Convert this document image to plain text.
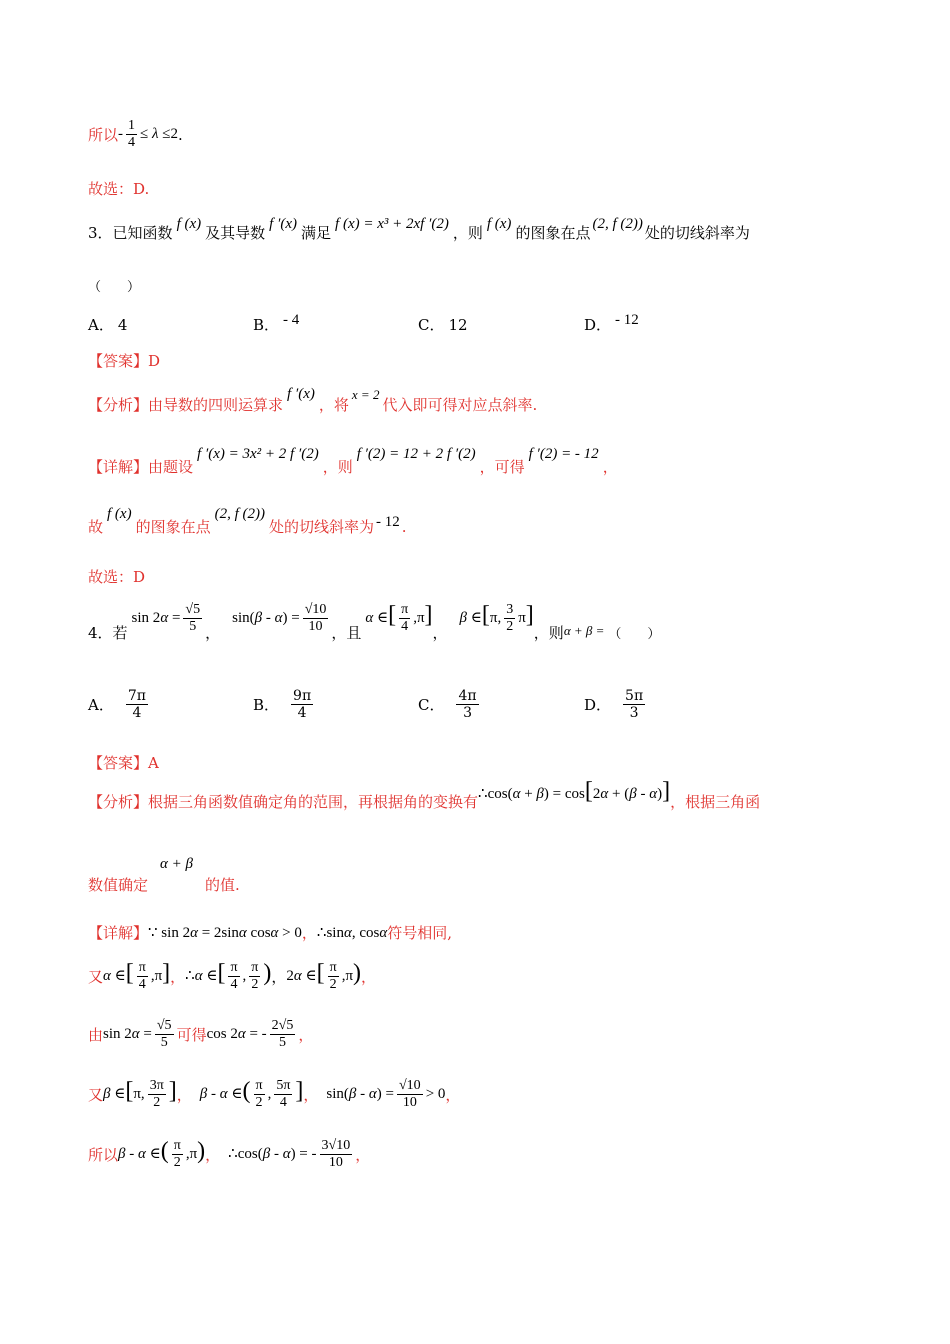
所以 - $\frac{1}{4} \le \lambda \le 2$ .
故选：D.
3． 已知函数 f (x) 及其导数 f ′(x) 满足 f (x) = x³ + 2xf ′(2) ，则 f (x) 的图象在点 (2, f (2)) 处的切线斜率为
（　　）
A． 4	B． - 4	C． 12	D． - 12
【答案】 D
【分析】 由导数的四则运算求
f ′(x)
，将
x = 2
代入即可得对应点斜率.
【详解】 由题设
f ′(x) = 3x² + 2 f ′(2)
，则
f ′(2) = 12 + 2 f ′(2)
，可得
f ′(2) = - 12
，
故
f (x)
的图象在点
(2, f (2))
处的切线斜率为 - 12 .
故选：D
4．若
$\sin 2\alpha = \frac{√5}{5}$ ，
$\sin(\beta - \alpha) = \frac{√10}{10}$ ，且
α ∈[ $\frac{\pi}{4} ,\pi$]
，
β ∈[π, $\frac{3}{2} \pi$]
，则 α + β = （　　）
A． $\frac{7\pi}{4}$	B． $\frac{9\pi}{4}$	C． $\frac{4\pi}{3}$	D． $\frac{5\pi}{3}$
【答案】 A
【分析】 根据三角函数值确定角的范围，再根据角的变换有 ∴cos(α + β) = cos[2α + (β - α)] ，根据三角函
数值确定
α + β
的值.
【详解】 ∵ sin 2α = 2sinα cosα > 0 ， ∴sinα, cosα 符号相同,
又 α ∈[ $\frac{\pi}{4} ,\pi$] ， ∴α ∈[ $\frac{\pi}{4}$ , $\frac{\pi}{2}$ ) ， 2α ∈[ $\frac{\pi}{2} ,\pi$) ，
由 $\sin 2\alpha = \frac{√5}{5}$ 可得 cos 2α = - $\frac{2√5}{5}$ ，
又 β ∈[π, $\frac{3\pi}{2}$ ] ， β - α ∈( $\frac{\pi}{2}$ , $\frac{5\pi}{4}$ ] ， $\sin(\beta - \alpha) = \frac{√10}{10} > 0$ ，
所以 β - α ∈( $\frac{\pi}{2} ,\pi$) ， ∴cos(β - α) = - $\frac{3√10}{10}$ ，
